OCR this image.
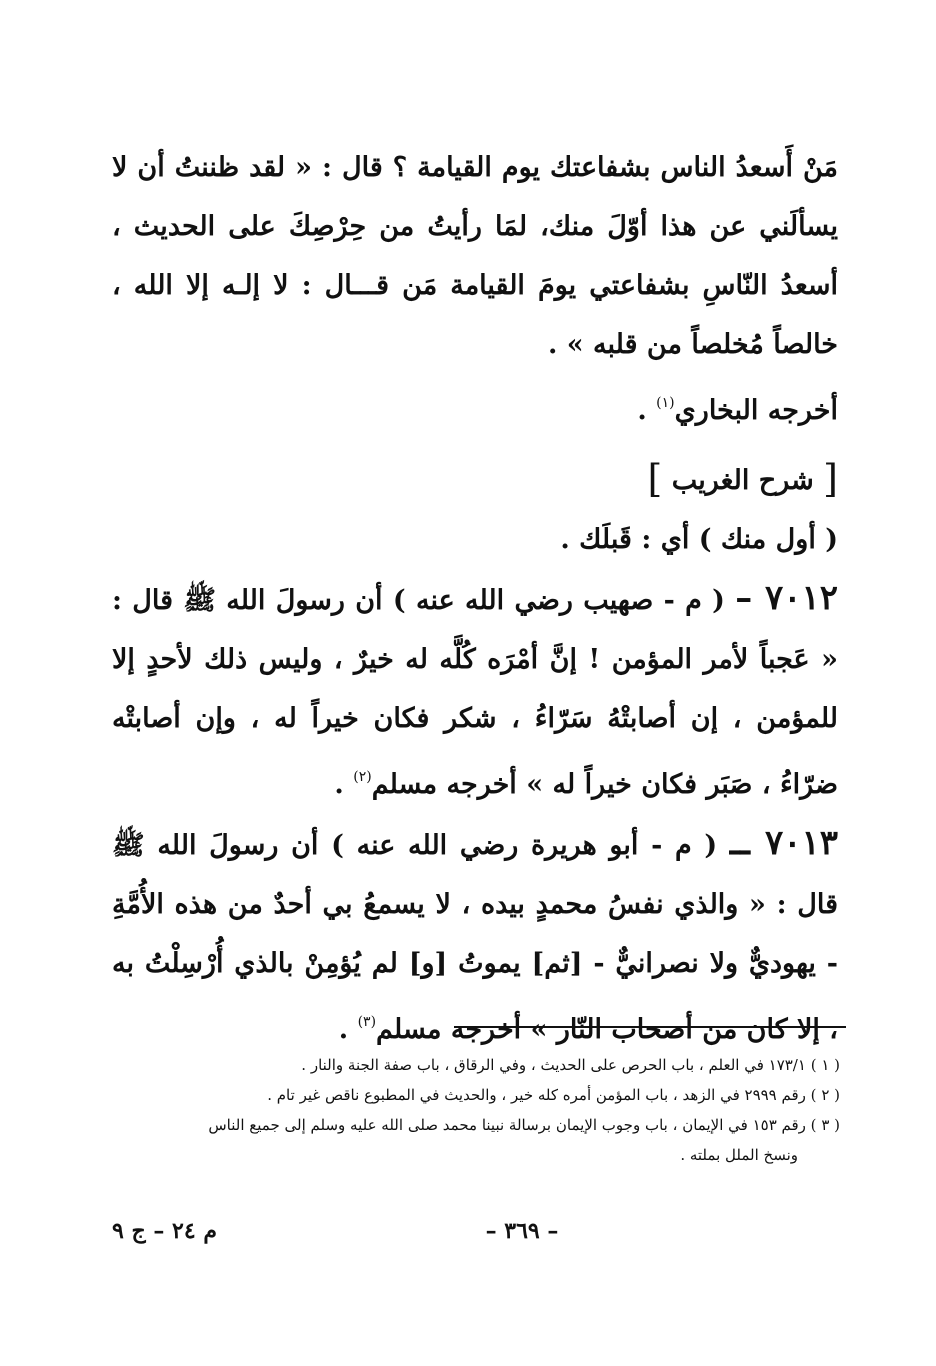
مَنْ أَسعدُ الناس بشفاعتك يوم القيامة ؟ قال : « لقد ظننتُ أن لا يسألَني عن هذا أوّلَ منك، لمَا رأيتُ من حِرْصِكَ على الحديث ، أسعدُ النّاسِ بشفاعتي يومَ القيامة مَن قـــال : لا إلـه إلا الله ، خالصاً مُخلصاً من قلبه » .

أخرجه البخاري$^{(١)}$ .

[ شرح الغريب ]

( أول منك ) أي : قَبلَك .

٧٠١٢ – ( م - صهيب رضي الله عنه ) أن رسولَ الله ﷺ قال : « عَجباً لأمر المؤمن ! إنَّ أمْرَه كُلَّه له خيرٌ ، وليس ذلك لأحدٍ إلا للمؤمن ، إن أصابتْهُ سَرّاءُ ، شكر فكان خيراً له ، وإن أصابتْه ضرّاءُ ، صَبَر فكان خيراً له » أخرجه مسلم$^{(٢)}$ .

٧٠١٣ ــ ( م - أبو هريرة رضي الله عنه ) أن رسولَ الله ﷺ قال : « والذي نفسُ محمدٍ بيده ، لا يسمعُ بي أحدٌ من هذه الأُمَّةِ - يهوديٌّ ولا نصرانيٌّ - [ثم] يموتُ [و] لم يُؤمِنْ بالذي أُرْسِلْتُ به ، إلا كان من أصحاب النّار » أخرجه مسلم$^{(٣)}$ .

( ١ ) ١٧٣/١ في العلم ، باب الحرص على الحديث ، وفي الرقاق ، باب صفة الجنة والنار .

( ٢ ) رقم ٢٩٩٩ في الزهد ، باب المؤمن أمره كله خير ، والحديث في المطبوع ناقص غير تام .

( ٣ ) رقم ١٥٣ في الإيمان ، باب وجوب الإيمان برسالة نبينا محمد صلى الله عليه وسلم إلى جميع الناس

ونسخ الملل بملته .

– ٣٦٩ –
م ٢٤ – ج ٩
